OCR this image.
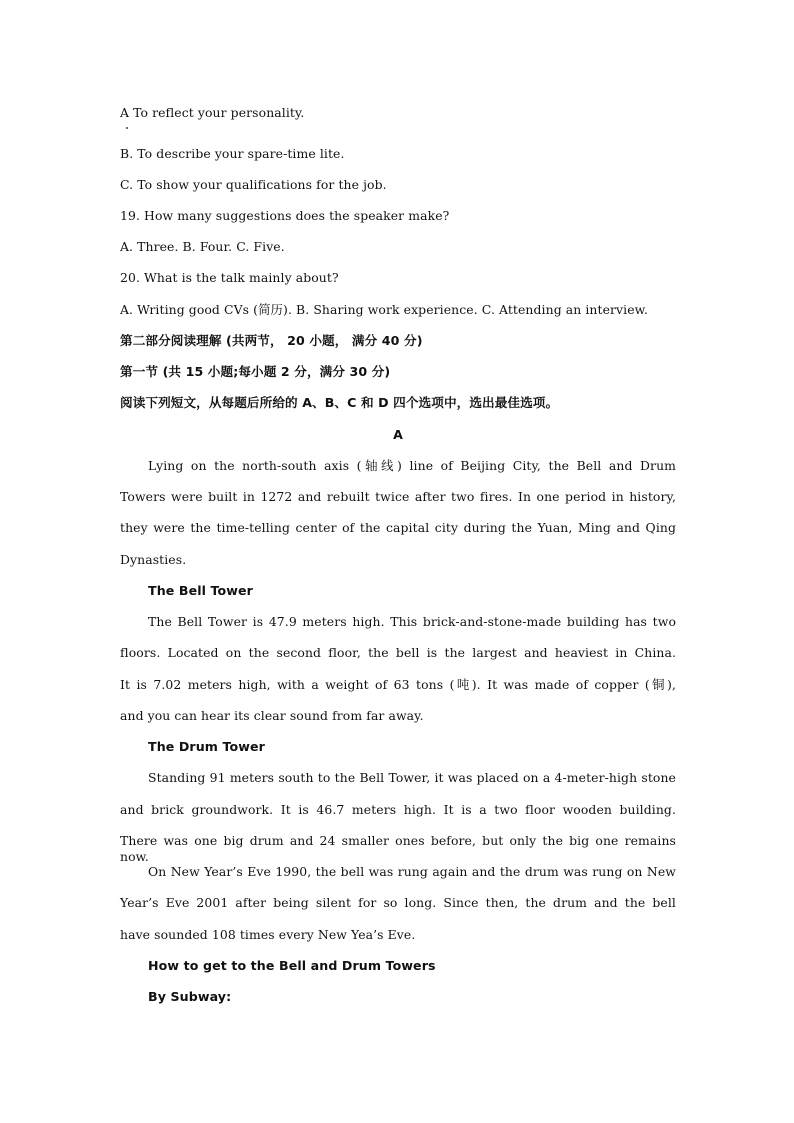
A To reflect your personality.
B. To describe your spare-time lite.
C. To show your qualifications for the job.
19. How many suggestions does the speaker make?
A. Three. B. Four. C. Five.
20. What is the talk mainly about?
A. Writing good CVs (简历). B. Sharing work experience. C. Attending an interview.
第二部分阅读理解 (共两节， 20 小题， 满分 40 分)
第一节 (共 15 小题;每小题 2 分，满分 30 分)
阅读下列短文，从每题后所给的 A、B、C 和 D 四个选项中，选出最佳选项。
A
Lying on the north-south axis (轴线) line of Beijing City, the Bell and Drum
Towers were built in 1272 and rebuilt twice after two fires. In one period in history,
they were the time-telling center of the capital city during the Yuan, Ming and Qing
Dynasties.
The Bell Tower
The Bell Tower is 47.9 meters high. This brick-and-stone-made building has two
floors. Located on the second floor, the bell is the largest and heaviest in China.
It is 7.02 meters high, with a weight of 63 tons (吨). It was made of copper (铜),
and you can hear its clear sound from far away.
The Drum Tower
Standing 91 meters south to the Bell Tower, it was placed on a 4-meter-high stone
and brick groundwork. It is 46.7 meters high. It is a two floor wooden building.
There was one big drum and 24 smaller ones before, but only the big one remains now.
On New Year’s Eve 1990, the bell was rung again and the drum was rung on New
Year’s Eve 2001 after being silent for so long. Since then, the drum and the bell
have sounded 108 times every New Yea’s Eve.
How to get to the Bell and Drum Towers
By Subway:
